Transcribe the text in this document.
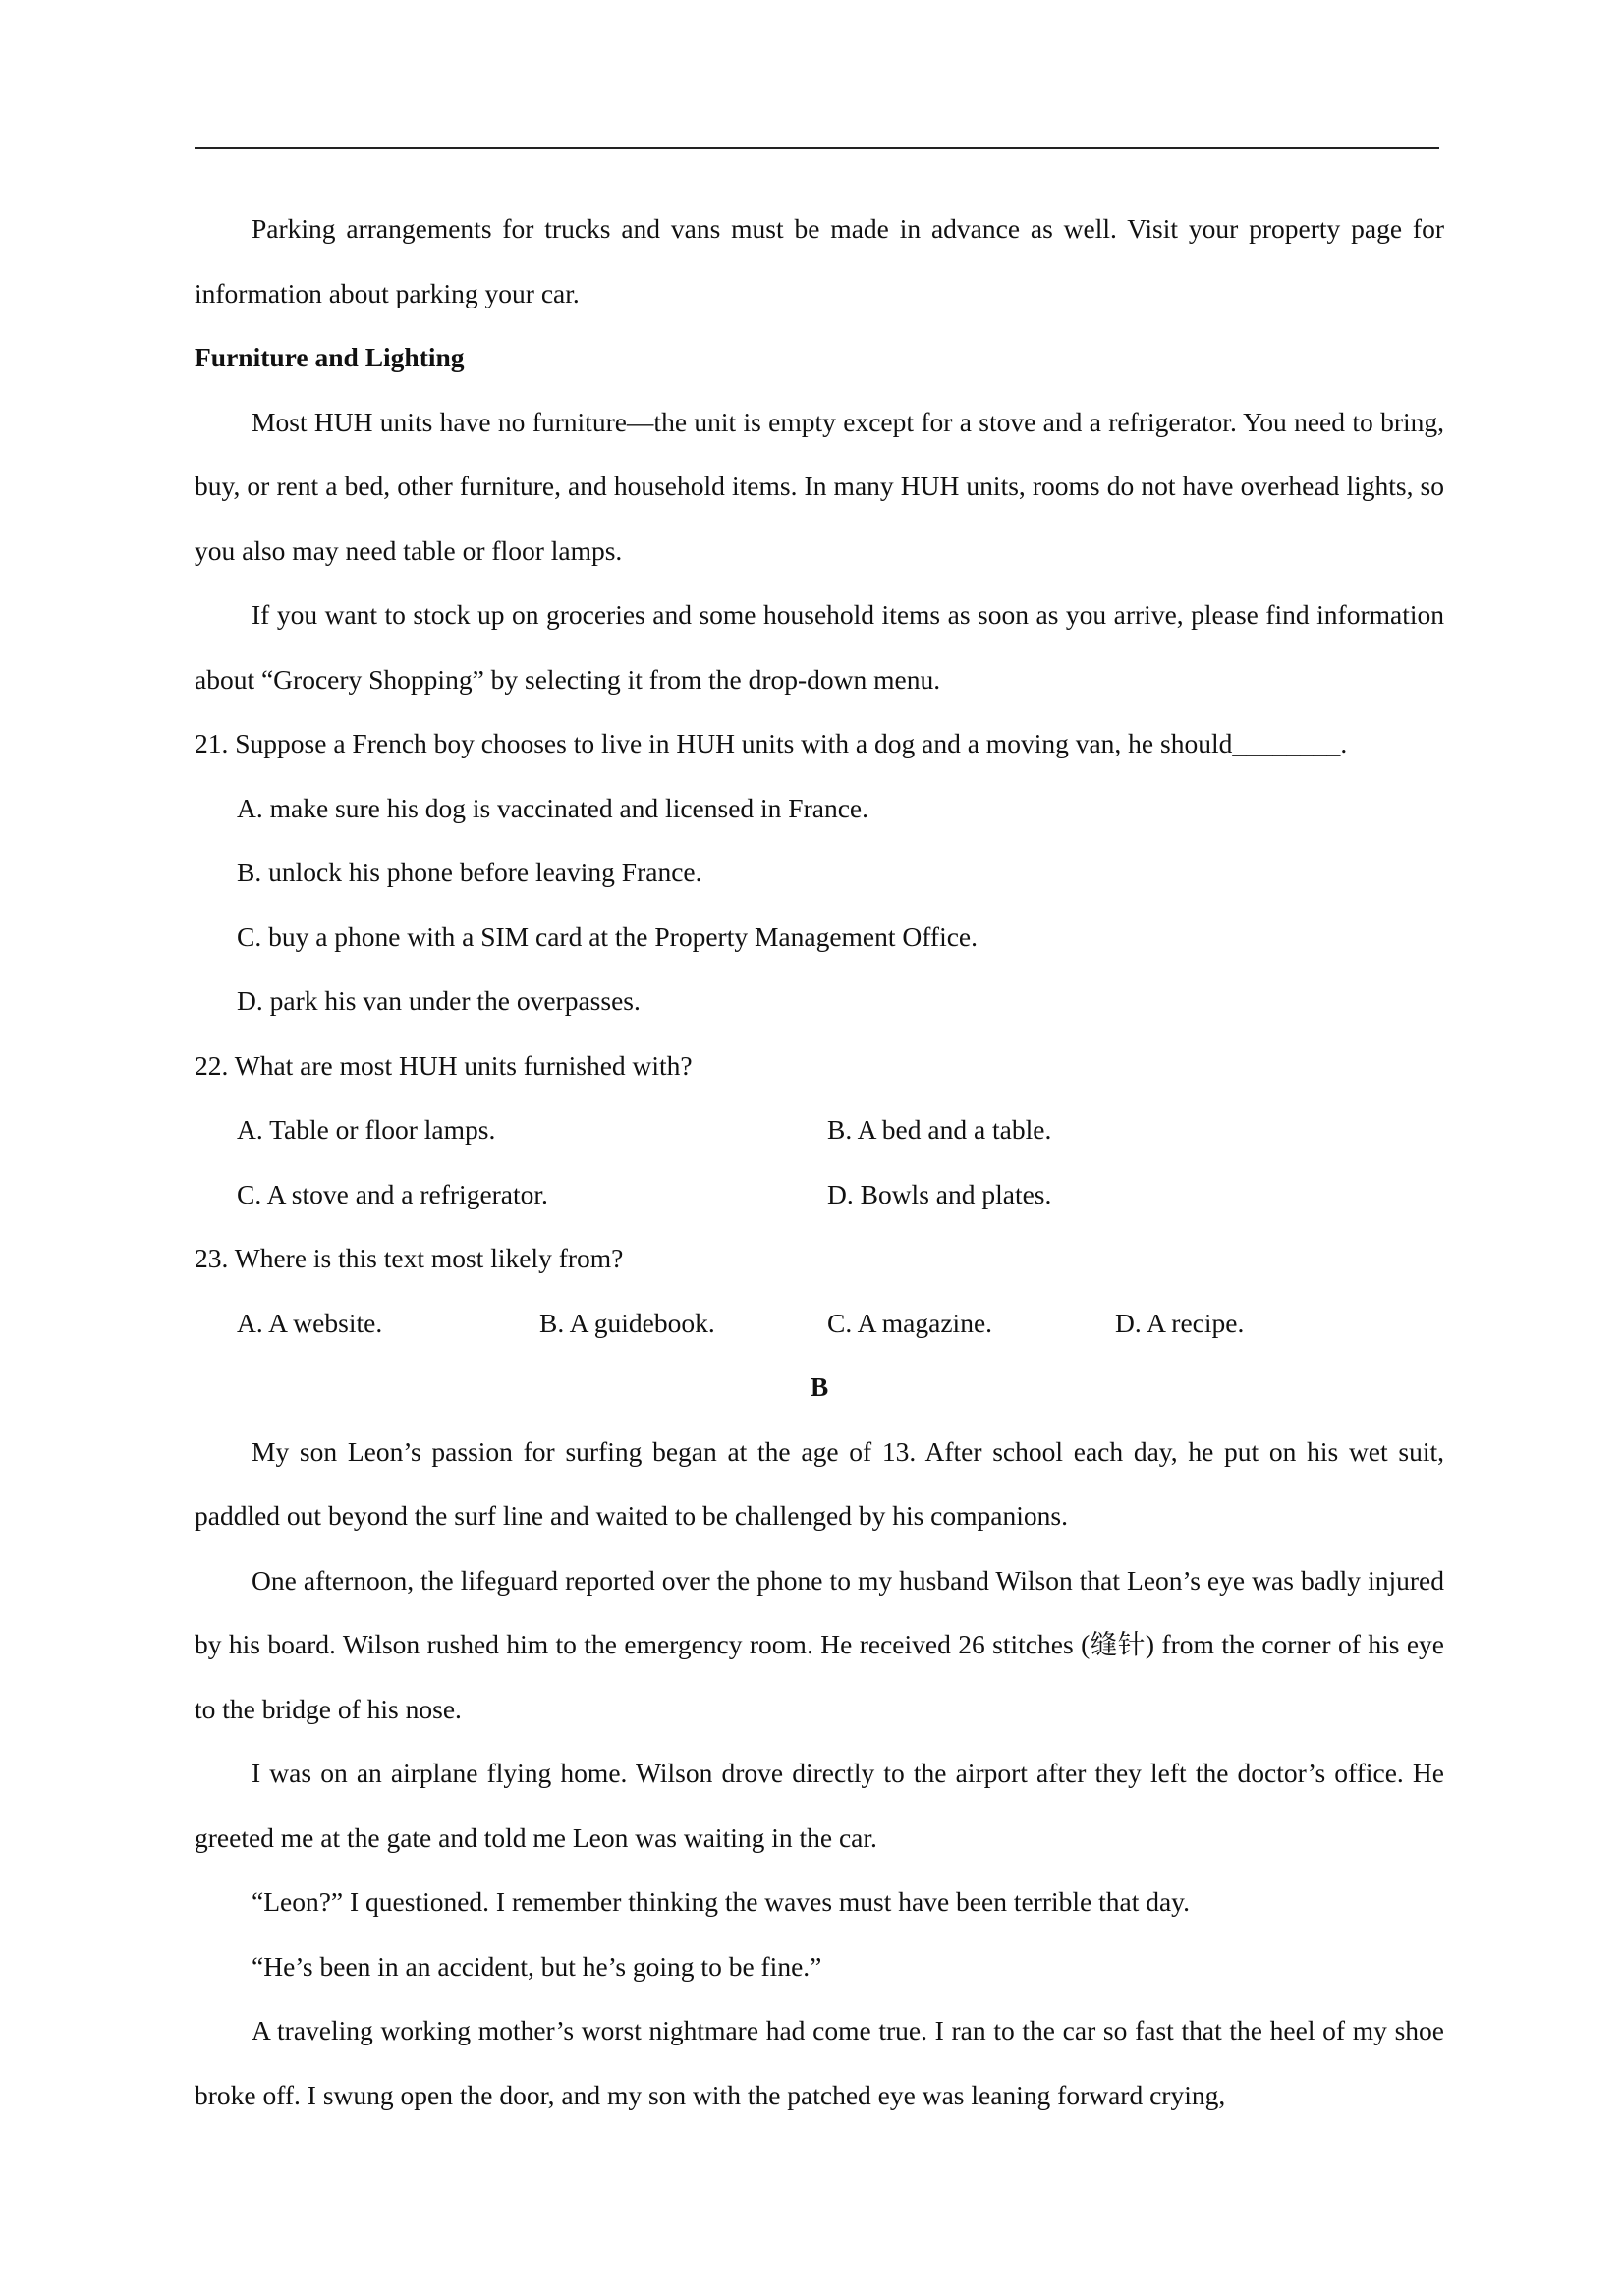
Parking arrangements for trucks and vans must be made in advance as well. Visit your property page for information about parking your car.

Furniture and Lighting

Most HUH units have no furniture—the unit is empty except for a stove and a refrigerator. You need to bring, buy, or rent a bed, other furniture, and household items. In many HUH units, rooms do not have overhead lights, so you also may need table or floor lamps.

If you want to stock up on groceries and some household items as soon as you arrive, please find information about “Grocery Shopping” by selecting it from the drop-down menu.

21. Suppose a French boy chooses to live in HUH units with a dog and a moving van, he should________.

A. make sure his dog is vaccinated and licensed in France.

B. unlock his phone before leaving France.

C. buy a phone with a SIM card at the Property Management Office.

D. park his van under the overpasses.

22. What are most HUH units furnished with?

A. Table or floor lamps.	B. A bed and a table.
C. A stove and a refrigerator.	D. Bowls and plates.

23. Where is this text most likely from?

A. A website.	B. A guidebook.	C. A magazine.	D. A recipe.

B

My son Leon’s passion for surfing began at the age of 13. After school each day, he put on his wet suit, paddled out beyond the surf line and waited to be challenged by his companions.

One afternoon, the lifeguard reported over the phone to my husband Wilson that Leon’s eye was badly injured by his board. Wilson rushed him to the emergency room. He received 26 stitches (缝针) from the corner of his eye to the bridge of his nose.

I was on an airplane flying home. Wilson drove directly to the airport after they left the doctor’s office. He greeted me at the gate and told me Leon was waiting in the car.

“Leon?” I questioned. I remember thinking the waves must have been terrible that day.

“He’s been in an accident, but he’s going to be fine.”

A traveling working mother’s worst nightmare had come true. I ran to the car so fast that the heel of my shoe broke off. I swung open the door, and my son with the patched eye was leaning forward crying,
